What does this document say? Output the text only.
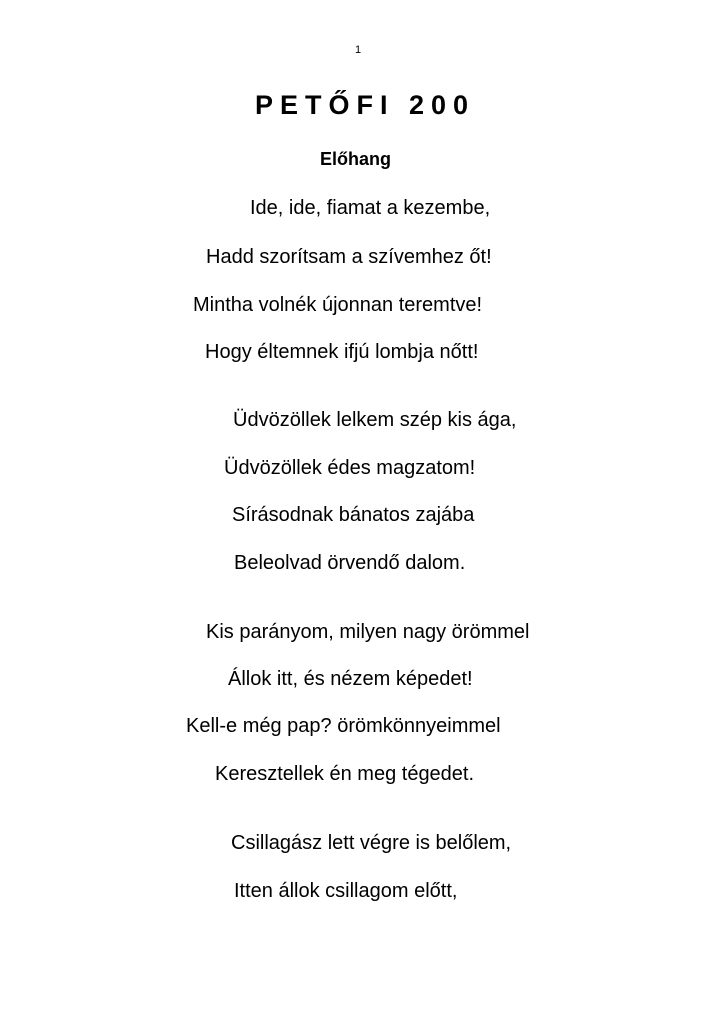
1
PETŐFI 200
Előhang
Ide, ide, fiamat a kezembe,
Hadd szorítsam a szívemhez őt!
Mintha volnék újonnan teremtve!
Hogy éltemnek ifjú lombja nőtt!
Üdvözöllek lelkem szép kis ága,
Üdvözöllek édes magzatom!
Sírásodnak bánatos zajába
Beleolvad örvendő dalom.
Kis parányom, milyen nagy örömmel
Állok itt, és nézem képedet!
Kell-e még pap? örömkönnyeimmel
Keresztellek én meg tégedet.
Csillagász lett végre is belőlem,
Itten állok csillagom előtt,
